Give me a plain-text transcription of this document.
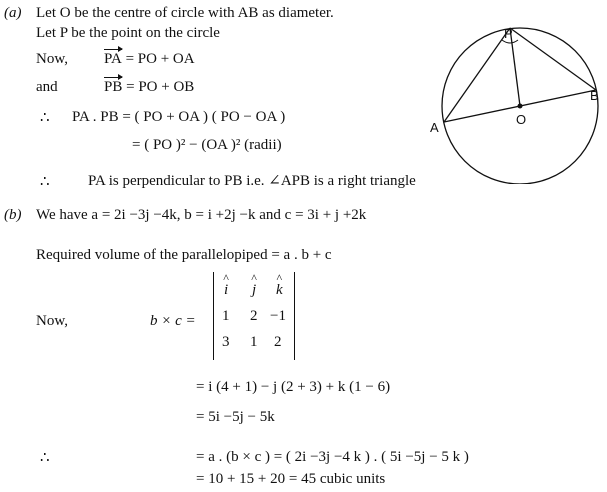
(a) Let O be the centre of circle with AB as diameter.
Let P be the point on the circle
Now, PA = PO + OA
and	PB = PO + OB
∴ PA . PB = ( PO + OA ) ( PO − OA )
= ( PO )² − (OA )² (radii)
∴	PA is perpendicular to PB i.e. ∠APB is a right triangle
P
A
B
O
(b) We have a = 2i −3j −4k, b = i +2j −k and c = 3i + j +2k
Required volume of the parallelopiped = a . b + c
Now,	b × c =
^ i ^ j ^ k
1 2 −1
3 1 2
= i (4 + 1) − j (2 + 3) + k (1 − 6)
= 5i −5j − 5k
∴	= a . (b × c ) = ( 2i −3j −4 k ) . ( 5i −5j − 5 k )
= 10 + 15 + 20 = 45 cubic units
